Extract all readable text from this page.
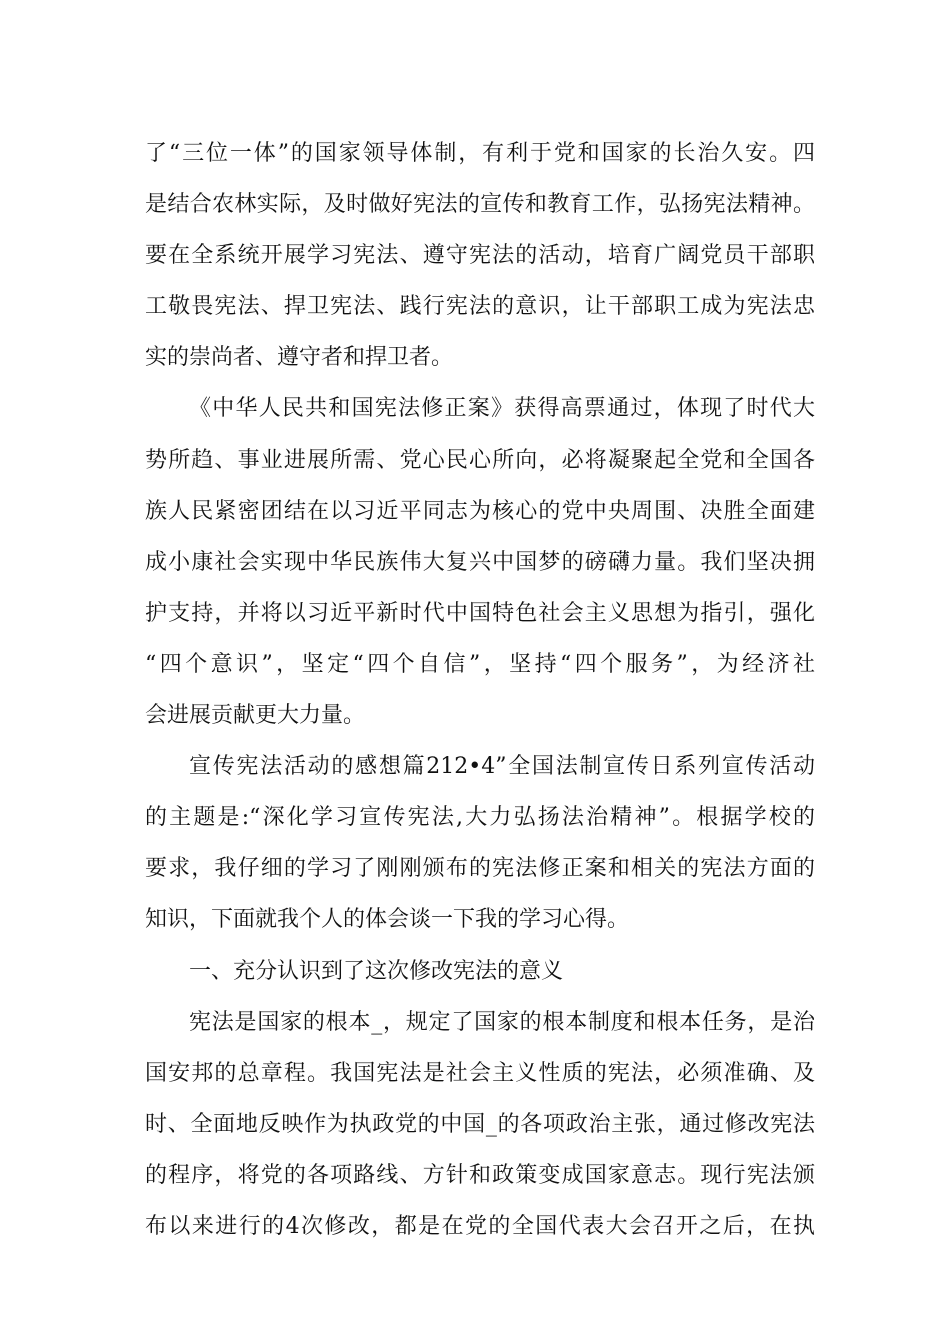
了“三位一体”的国家领导体制，有利于党和国家的长治久安。四
是结合农林实际，及时做好宪法的宣传和教育工作，弘扬宪法精神。
要在全系统开展学习宪法、遵守宪法的活动，培育广阔党员干部职
工敬畏宪法、捍卫宪法、践行宪法的意识，让干部职工成为宪法忠
实的崇尚者、遵守者和捍卫者。
《中华人民共和国宪法修正案》获得高票通过，体现了时代大
势所趋、事业进展所需、党心民心所向，必将凝聚起全党和全国各
族人民紧密团结在以习近平同志为核心的党中央周围、决胜全面建
成小康社会实现中华民族伟大复兴中国梦的磅礴力量。我们坚决拥
护支持，并将以习近平新时代中国特色社会主义思想为指引，强化
“四个意识”，坚定“四个自信”，坚持“四个服务”，为经济社
会进展贡献更大力量。
宣传宪法活动的感想篇212•4”全国法制宣传日系列宣传活动
的主题是:“深化学习宣传宪法,大力弘扬法治精神”。根据学校的
要求，我仔细的学习了刚刚颁布的宪法修正案和相关的宪法方面的
知识，下面就我个人的体会谈一下我的学习心得。
一、充分认识到了这次修改宪法的意义
宪法是国家的根本_，规定了国家的根本制度和根本任务，是治
国安邦的总章程。我国宪法是社会主义性质的宪法，必须准确、及
时、全面地反映作为执政党的中国_的各项政治主张，通过修改宪法
的程序，将党的各项路线、方针和政策变成国家意志。现行宪法颁
布以来进行的4次修改，都是在党的全国代表大会召开之后，在执
